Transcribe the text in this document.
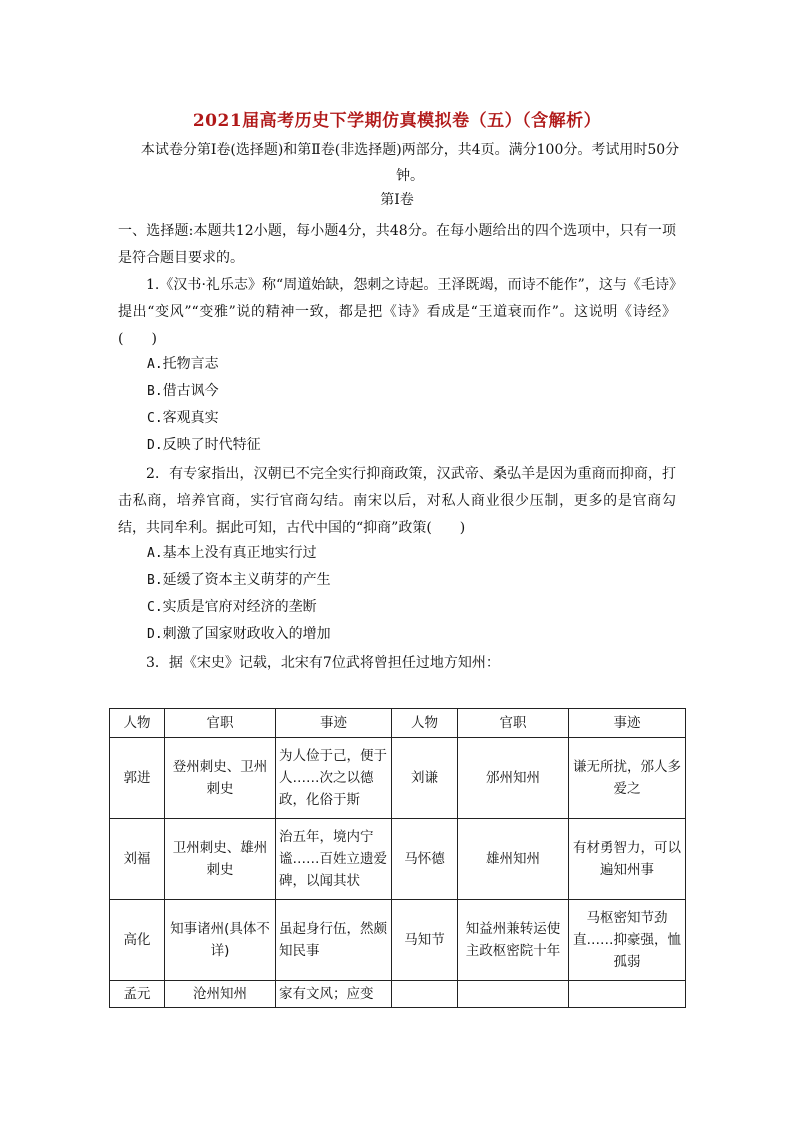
2021届高考历史下学期仿真模拟卷（五）（含解析）
本试卷分第Ⅰ卷(选择题)和第Ⅱ卷(非选择题)两部分，共4页。满分100分。考试用时50分钟。
第Ⅰ卷
一、选择题:本题共12小题，每小题4分，共48分。在每小题给出的四个选项中，只有一项是符合题目要求的。
1.《汉书·礼乐志》称“周道始缺，怨刺之诗起。王泽既竭，而诗不能作”，这与《毛诗》提出“变风”“变雅”说的精神一致，都是把《诗》看成是“王道衰而作”。这说明《诗经》(　　)
A.托物言志
B.借古讽今
C.客观真实
D.反映了时代特征
2．有专家指出，汉朝已不完全实行抑商政策，汉武帝、桑弘羊是因为重商而抑商，打击私商，培养官商，实行官商勾结。南宋以后，对私人商业很少压制，更多的是官商勾结，共同牟利。据此可知，古代中国的“抑商”政策(　　)
A.基本上没有真正地实行过
B.延缓了资本主义萌芽的产生
C.实质是官府对经济的垄断
D.刺激了国家财政收入的增加
3．据《宋史》记载，北宋有7位武将曾担任过地方知州：
人物	官职	事迹	人物	官职	事迹
郭进	登州刺史、卫州刺史	为人俭于己，便于人……次之以德政，化俗于斯	刘谦	邠州知州	谦无所扰，邠人多爱之
刘福	卫州刺史、雄州刺史	治五年，境内宁谧……百姓立遗爱碑，以闻其状	马怀德	雄州知州	有材勇智力，可以遍知州事
高化	知事诸州(具体不详)	虽起身行伍，然颇知民事	马知节	知益州兼转运使主政枢密院十年	马枢密知节劲直……抑豪强，恤孤弱
孟元	沧州知州	家有文风；应变			
